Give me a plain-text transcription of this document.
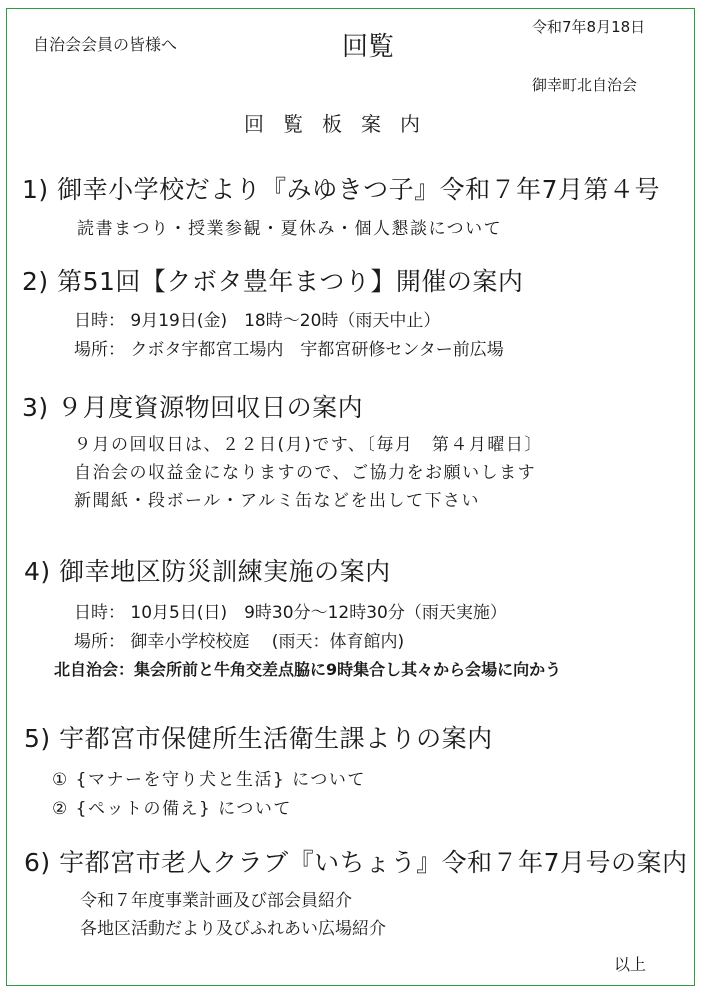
自治会会員の皆様へ	回覧
令和7年8月18日
御幸町北自治会
回覧板案内
1) 御幸小学校だより『みゆきつ子』令和７年7月第４号
読書まつり・授業参観・夏休み・個人懇談について
2) 第51回【クボタ豊年まつり】開催の案内
日時： 9月19日(金)　18時～20時（雨天中止）
場所： クボタ宇都宮工場内　宇都宮研修センター前広場
3) ９月度資源物回収日の案内
９月の回収日は、２２日(月)です、〔毎月　第４月曜日〕
自治会の収益金になりますので、ご協力をお願いします
新聞紙・段ボール・アルミ缶などを出して下さい
4) 御幸地区防災訓練実施の案内
日時： 10月5日(日)　9時30分～12時30分（雨天実施）
場所： 御幸小学校校庭　 (雨天：体育館内)
北自治会：集会所前と牛角交差点脇に9時集合し其々から会場に向かう
5) 宇都宮市保健所生活衛生課よりの案内
① {マナーを守り犬と生活} について
② {ペットの備え} について
6) 宇都宮市老人クラブ『いちょう』令和７年7月号の案内
令和７年度事業計画及び部会員紹介
各地区活動だより及びふれあい広場紹介
以上
